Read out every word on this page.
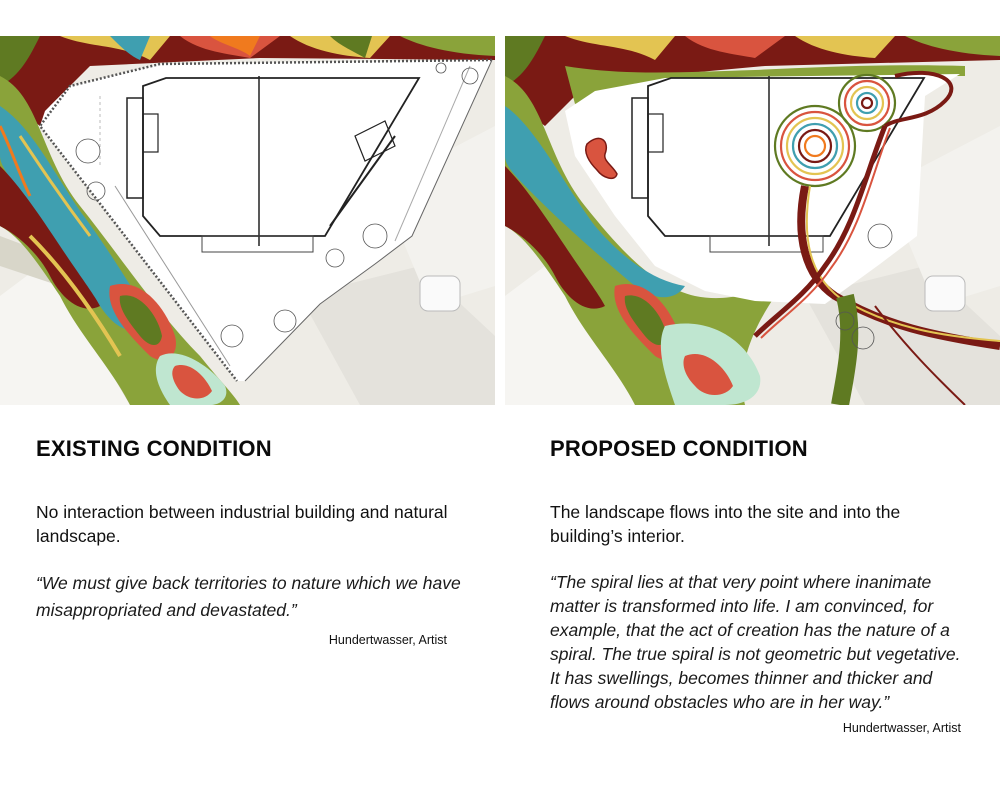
EXISTING CONDITION

No interaction between industrial building and natural landscape.

“We must give back territories to nature which we have misappropriated and devastated.”

Hundertwasser, Artist
PROPOSED CONDITION

The landscape flows into the site and into the building’s interior.

“The spiral lies at that very point where inanimate matter is transformed into life. I am convinced, for example, that the act of creation has the nature of a spiral. The true spiral is not geometric but vegetative. It has swellings, becomes thinner and thicker and flows around obstacles who are in her way.”

Hundertwasser, Artist
